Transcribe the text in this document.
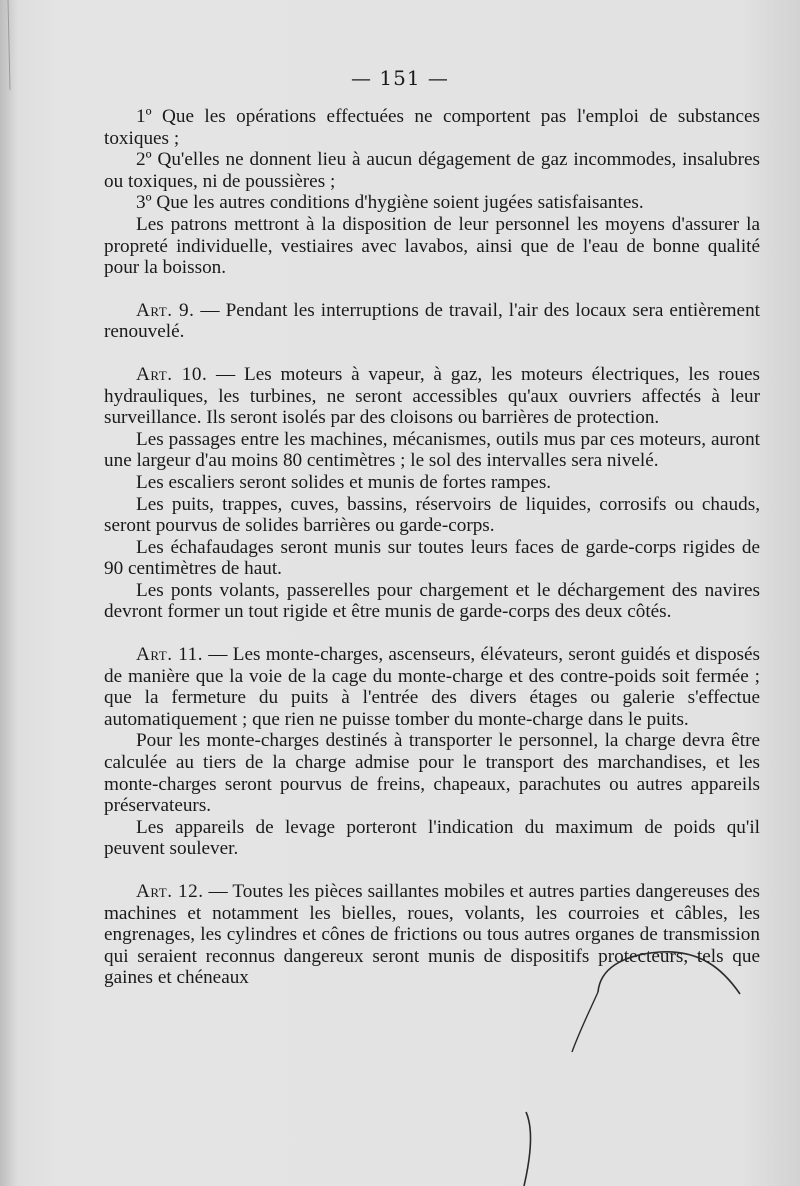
— 151 —

1º Que les opérations effectuées ne comportent pas l'emploi de substances toxiques ;

2º Qu'elles ne donnent lieu à aucun dégagement de gaz incommodes, insalubres ou toxiques, ni de poussières ;

3º Que les autres conditions d'hygiène soient jugées satisfaisantes.

Les patrons mettront à la disposition de leur personnel les moyens d'assurer la propreté individuelle, vestiaires avec lavabos, ainsi que de l'eau de bonne qualité pour la boisson.

Art. 9. — Pendant les interruptions de travail, l'air des locaux sera entièrement renouvelé.

Art. 10. — Les moteurs à vapeur, à gaz, les moteurs électriques, les roues hydrauliques, les turbines, ne seront accessibles qu'aux ouvriers affectés à leur surveillance. Ils seront isolés par des cloisons ou barrières de protection.

Les passages entre les machines, mécanismes, outils mus par ces moteurs, auront une largeur d'au moins 80 centimètres ; le sol des intervalles sera nivelé.

Les escaliers seront solides et munis de fortes rampes.

Les puits, trappes, cuves, bassins, réservoirs de liquides, corrosifs ou chauds, seront pourvus de solides barrières ou garde-corps.

Les échafaudages seront munis sur toutes leurs faces de garde-corps rigides de 90 centimètres de haut.

Les ponts volants, passerelles pour chargement et le déchargement des navires devront former un tout rigide et être munis de garde-corps des deux côtés.

Art. 11. — Les monte-charges, ascenseurs, élévateurs, seront guidés et disposés de manière que la voie de la cage du monte-charge et des contre-poids soit fermée ; que la fermeture du puits à l'entrée des divers étages ou galerie s'effectue automatiquement ; que rien ne puisse tomber du monte-charge dans le puits.

Pour les monte-charges destinés à transporter le personnel, la charge devra être calculée au tiers de la charge admise pour le transport des marchandises, et les monte-charges seront pourvus de freins, chapeaux, parachutes ou autres appareils préservateurs.

Les appareils de levage porteront l'indication du maximum de poids qu'il peuvent soulever.

Art. 12. — Toutes les pièces saillantes mobiles et autres parties dangereuses des machines et notamment les bielles, roues, volants, les courroies et câbles, les engrenages, les cylindres et cônes de frictions ou tous autres organes de transmission qui seraient reconnus dangereux seront munis de dispositifs protecteurs, tels que gaines et chéneaux
